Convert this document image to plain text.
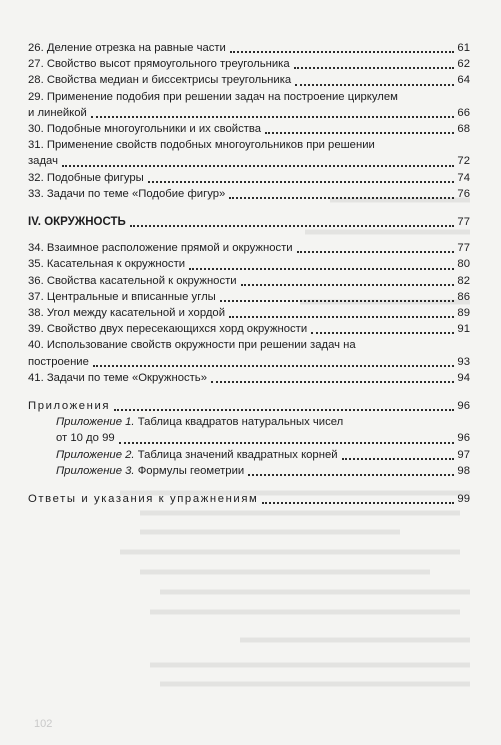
26. Деление отрезка на равные части	61
27. Свойство высот прямоугольного треугольника	62
28. Свойства медиан и биссектрисы треугольника	64
29. Применение подобия при решении задач на построение циркулем
и линейкой	66
30. Подобные многоугольники и их свойства	68
31. Применение свойств подобных многоугольников при решении
задач	72
32. Подобные фигуры	74
33. Задачи по теме «Подобие фигур»	76
IV. ОКРУЖНОСТЬ	77
34. Взаимное расположение прямой и окружности	77
35. Касательная к окружности	80
36. Свойства касательной к окружности	82
37. Центральные и вписанные углы	86
38. Угол между касательной и хордой	89
39. Свойство двух пересекающихся хорд окружности	91
40. Использование свойств окружности при решении задач на
построение	93
41. Задачи по теме «Окружность»	94
Приложения	96
Приложение 1. Таблица квадратов натуральных чисел
от 10 до 99	96
Приложение 2. Таблица значений квадратных корней	97
Приложение 3. Формулы геометрии	98
Ответы и указания к упражнениям	99
102
